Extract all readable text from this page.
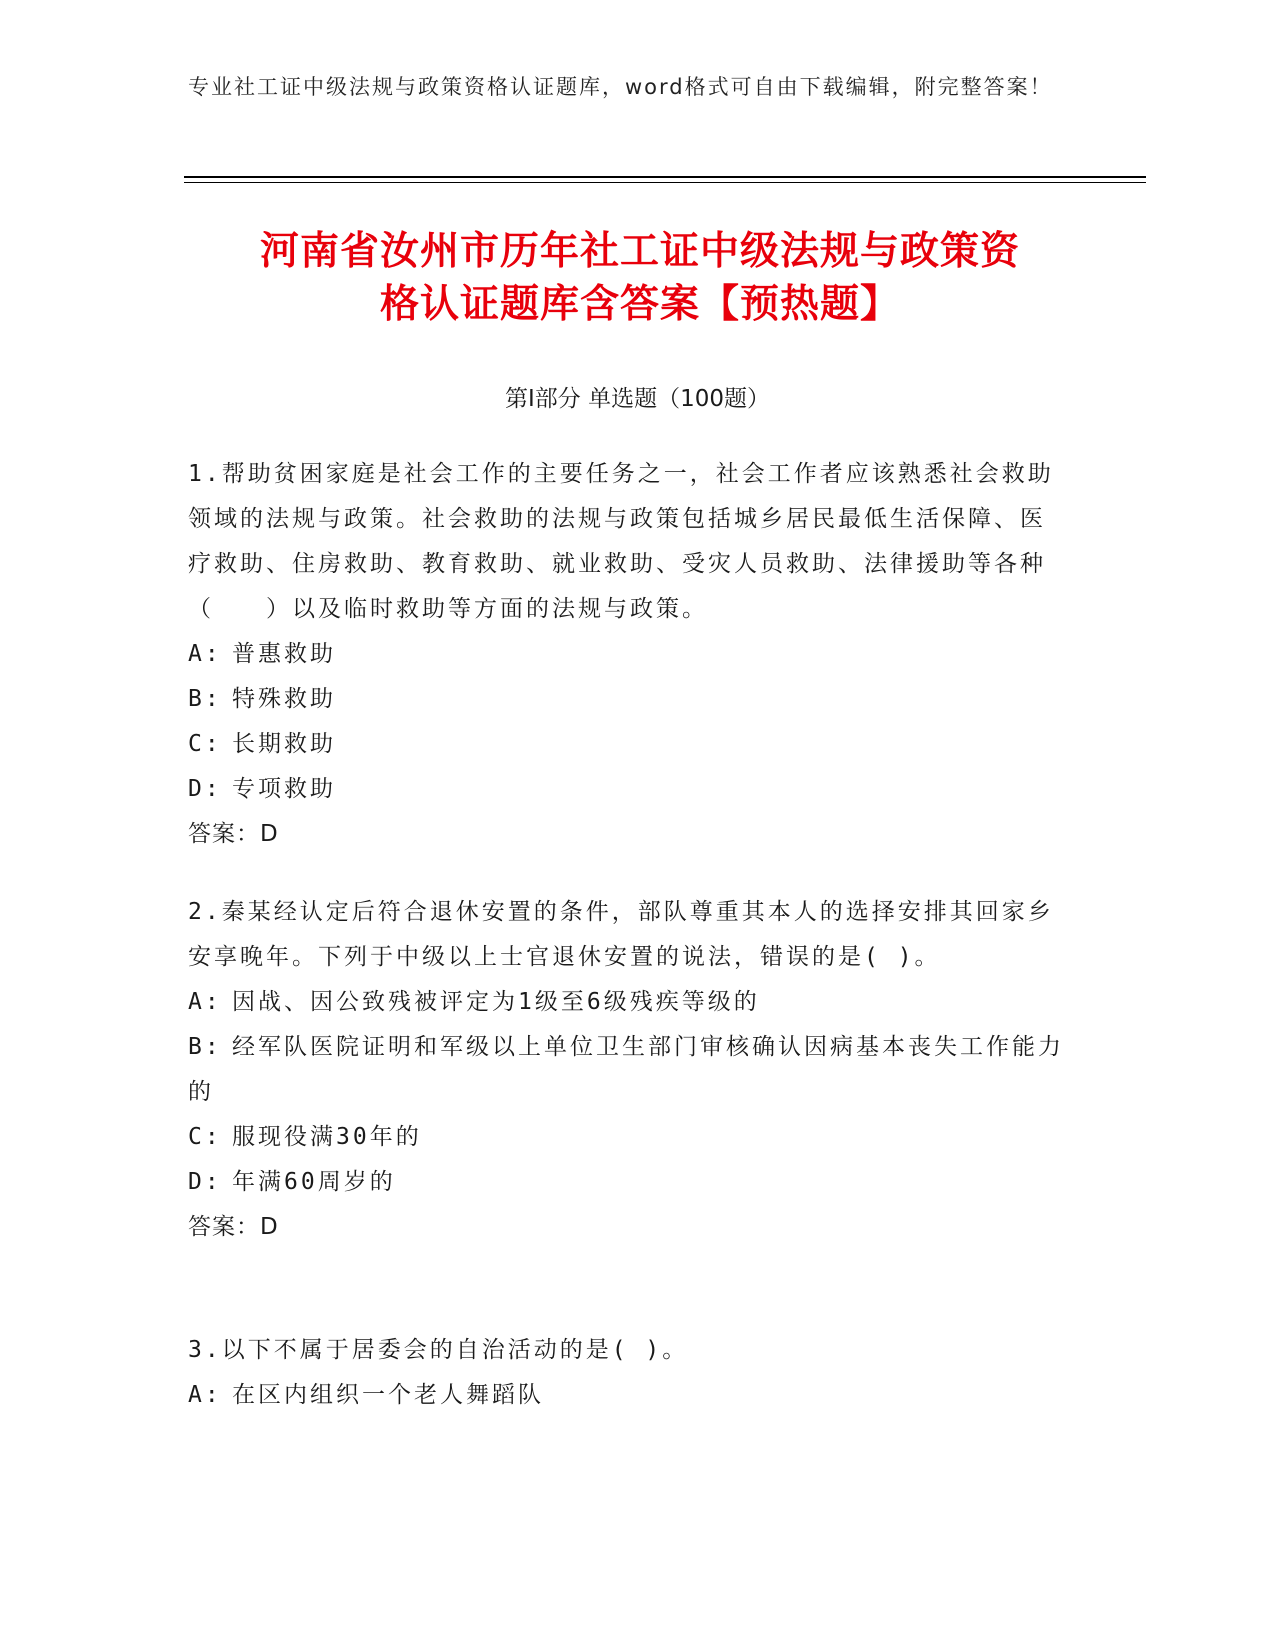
专业社工证中级法规与政策资格认证题库，word格式可自由下载编辑，附完整答案！
河南省汝州市历年社工证中级法规与政策资
格认证题库含答案【预热题】
第Ⅰ部分 单选题（100题）

1.帮助贫困家庭是社会工作的主要任务之一，社会工作者应该熟悉社会救助领域的法规与政策。社会救助的法规与政策包括城乡居民最低生活保障、医疗救助、住房救助、教育救助、就业救助、受灾人员救助、法律援助等各种（　　）以及临时救助等方面的法规与政策。

A: 普惠救助

B: 特殊救助

C: 长期救助

D: 专项救助

答案：D

2.秦某经认定后符合退休安置的条件，部队尊重其本人的选择安排其回家乡安享晚年。下列于中级以上士官退休安置的说法，错误的是( )。

A: 因战、因公致残被评定为1级至6级残疾等级的

B: 经军队医院证明和军级以上单位卫生部门审核确认因病基本丧失工作能力的

C: 服现役满30年的

D: 年满60周岁的

答案：D

3.以下不属于居委会的自治活动的是( )。

A: 在区内组织一个老人舞蹈队
